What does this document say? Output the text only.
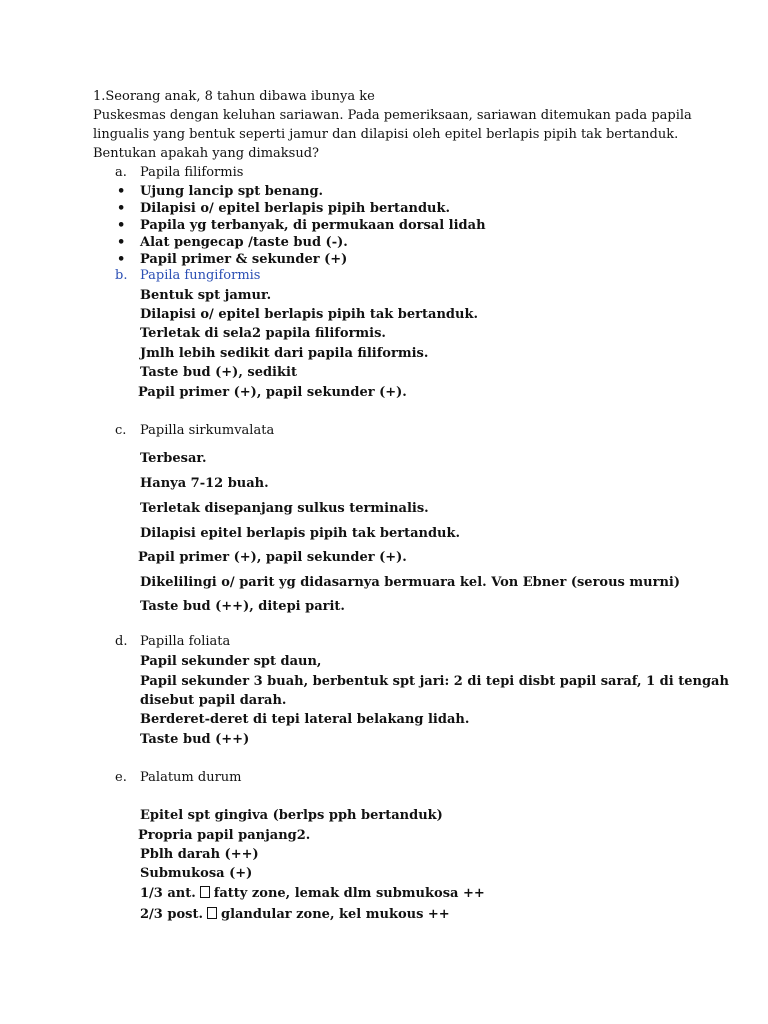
1.Seorang anak, 8 tahun dibawa ibunya ke
Puskesmas dengan keluhan sariawan. Pada pemeriksaan, sariawan ditemukan pada papila
lingualis yang bentuk seperti jamur dan dilapisi oleh epitel berlapis pipih tak bertanduk.
Bentukan apakah yang dimaksud?
a. Papila filiformis
• Ujung lancip spt benang.
• Dilapisi o/ epitel berlapis pipih bertanduk.
• Papila yg terbanyak, di permukaan dorsal lidah
• Alat pengecap /taste bud (-).
• Papil primer & sekunder (+)
b. Papila fungiformis
Bentuk spt jamur.
Dilapisi o/ epitel berlapis pipih tak bertanduk.
Terletak di sela2 papila filiformis.
Jmlh lebih sedikit dari papila filiformis.
Taste bud (+), sedikit
Papil primer (+), papil sekunder (+).
c. Papilla sirkumvalata
Terbesar.
Hanya 7-12 buah.
Terletak disepanjang sulkus terminalis.
Dilapisi epitel berlapis pipih tak bertanduk.
Papil primer (+), papil sekunder (+).
Dikelilingi o/ parit yg didasarnya bermuara kel. Von Ebner (serous murni)
Taste bud (++), ditepi parit.
d. Papilla foliata
Papil sekunder spt daun,
Papil sekunder 3 buah, berbentuk spt jari: 2 di tepi disbt papil saraf, 1 di tengah
disebut papil darah.
Berderet-deret di tepi lateral belakang lidah.
Taste bud (++)
e. Palatum durum
Epitel spt gingiva (berlps pph bertanduk)
Propria papil panjang2.
Pblh darah (++)
Submukosa (+)
1/3 ant. fatty zone, lemak dlm submukosa ++
2/3 post. glandular zone, kel mukous ++
